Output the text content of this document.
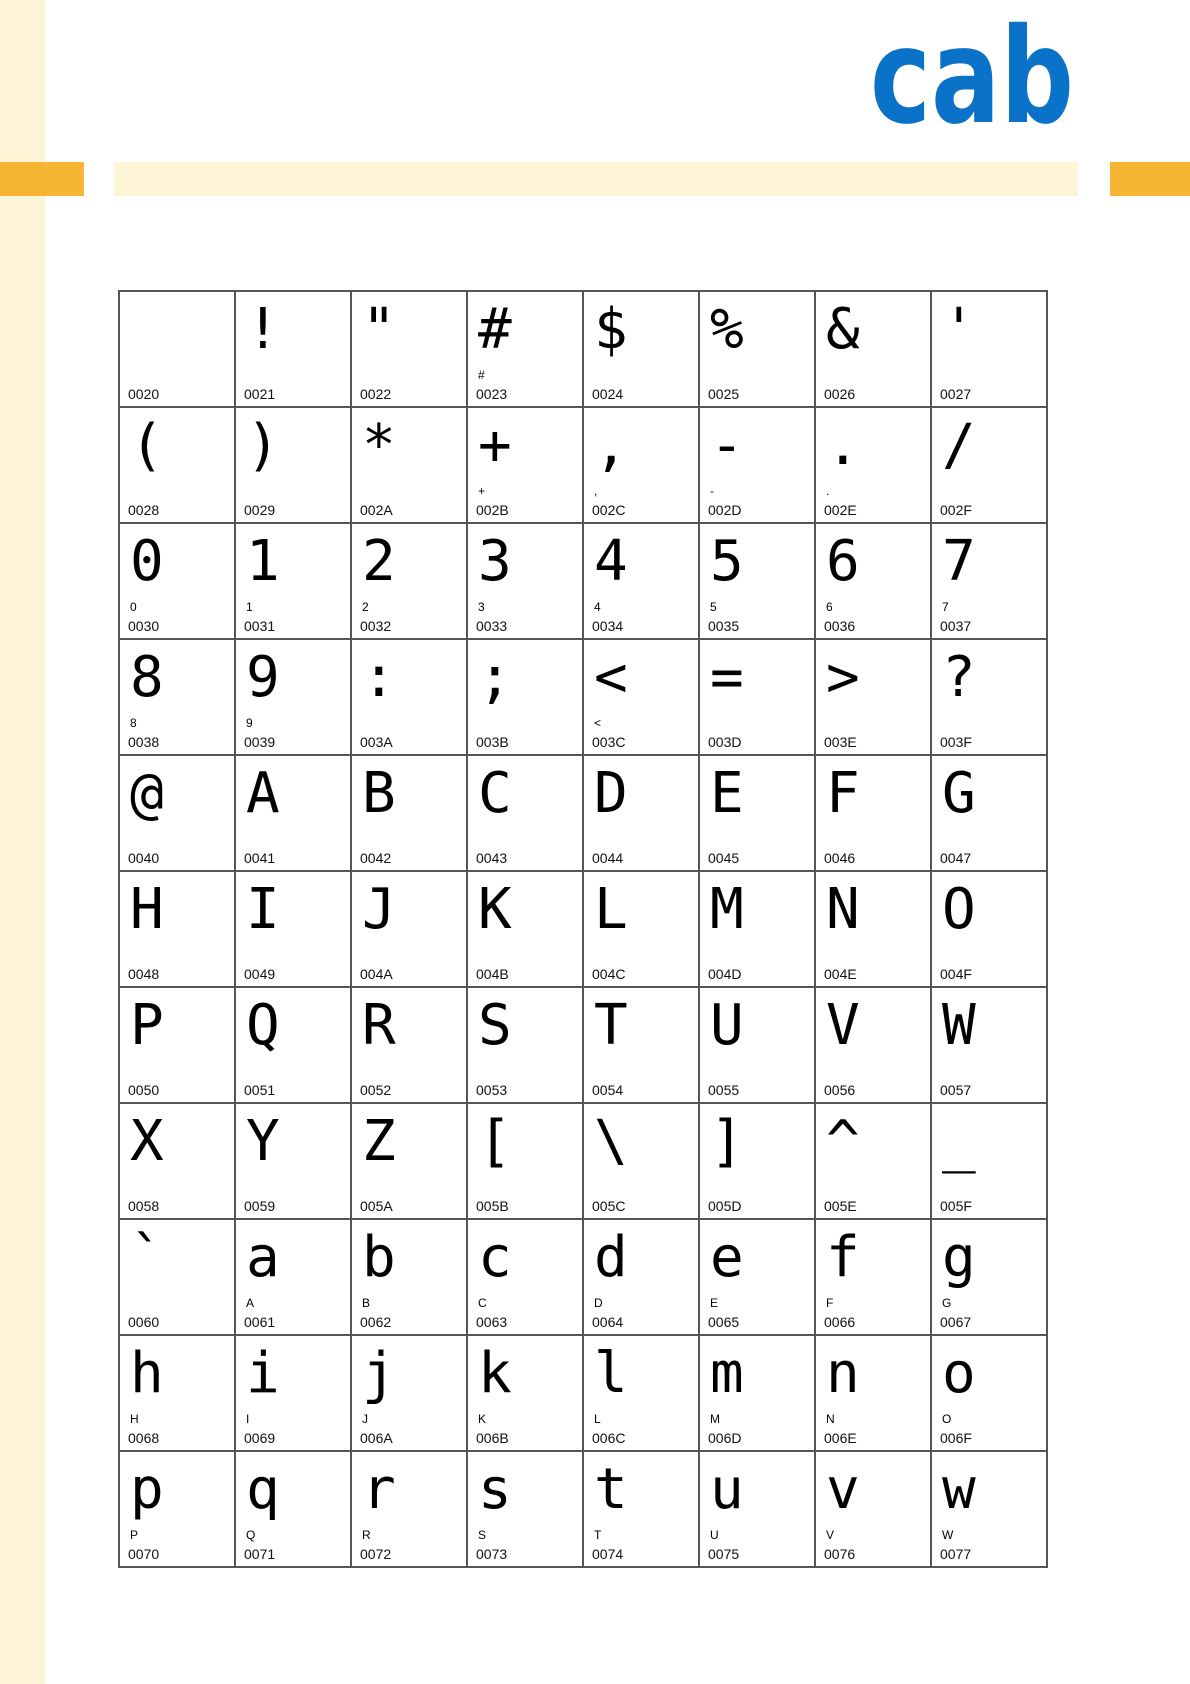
cab

0020
!
0021
"
0022
#
#
0023
$
0024
%
0025
&
0026
'
0027
(
0028
)
0029
*
002A
+
+
002B
,
,
002C
-
-
002D
.
.
002E
/
002F
0
0
0030
1
1
0031
2
2
0032
3
3
0033
4
4
0034
5
5
0035
6
6
0036
7
7
0037
8
8
0038
9
9
0039
:
003A
;
003B
<
<
003C
=
003D
>
003E
?
003F
@
0040
A
0041
B
0042
C
0043
D
0044
E
0045
F
0046
G
0047
H
0048
I
0049
J
004A
K
004B
L
004C
M
004D
N
004E
O
004F
P
0050
Q
0051
R
0052
S
0053
T
0054
U
0055
V
0056
W
0057
X
0058
Y
0059
Z
005A
[
005B
\
005C
]
005D
^
005E
_
005F
`
0060
a
A
0061
b
B
0062
c
C
0063
d
D
0064
e
E
0065
f
F
0066
g
G
0067
h
H
0068
i
I
0069
j
J
006A
k
K
006B
l
L
006C
m
M
006D
n
N
006E
o
O
006F
p
P
0070
q
Q
0071
r
R
0072
s
S
0073
t
T
0074
u
U
0075
v
V
0076
w
W
0077
